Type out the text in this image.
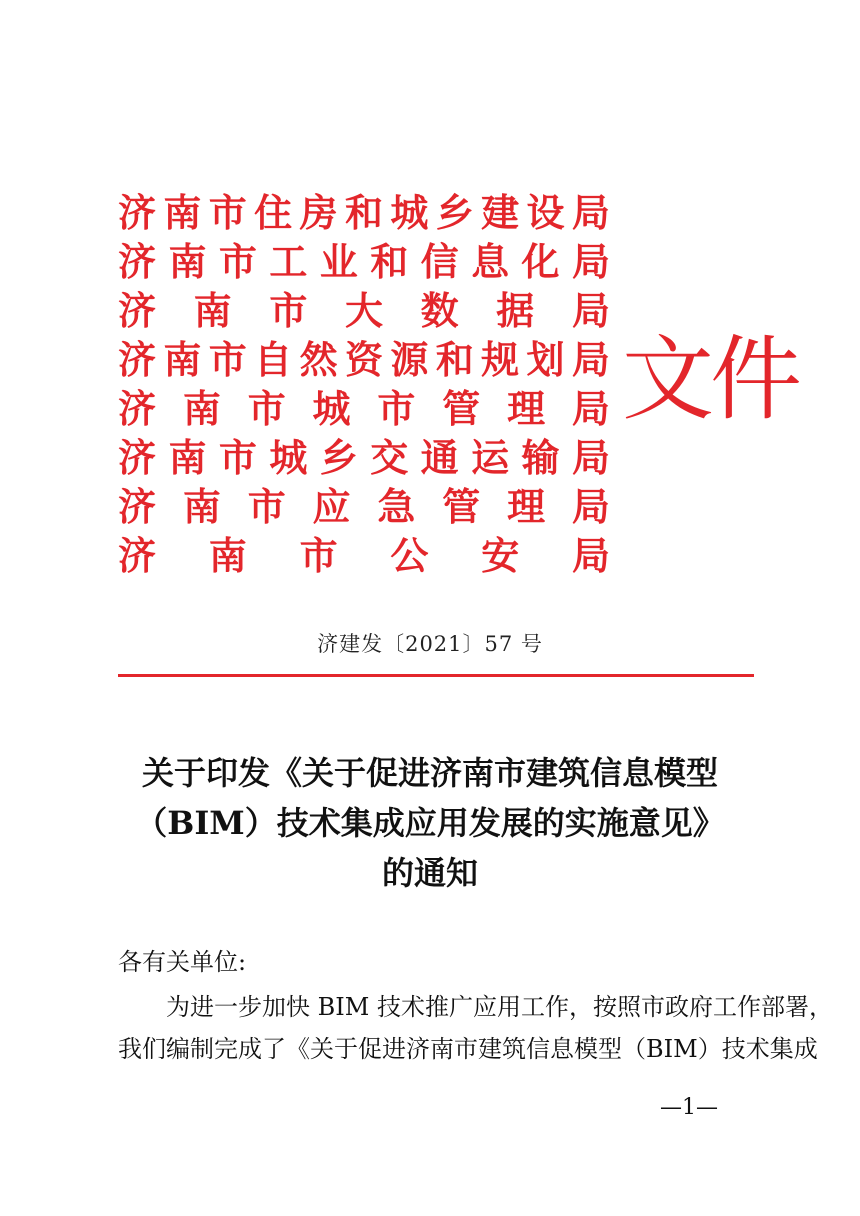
济 南 市 住 房 和 城 乡 建 设 局
济 南 市 工 业 和 信 息 化 局
济 南 市 大 数 据 局
济 南 市 自 然 资 源 和 规 划 局
济 南 市 城 市 管 理 局
济 南 市 城 乡 交 通 运 输 局
济 南 市 应 急 管 理 局
济 南 市 公 安 局
文件
济建发〔2021〕57 号
关于印发《关于促进济南市建筑信息模型
（BIM）技术集成应用发展的实施意见》
的通知
各有关单位:
为进一步加快 BIM 技术推广应用工作，按照市政府工作部署，
我们编制完成了《关于促进济南市建筑信息模型（BIM）技术集成
—1—
